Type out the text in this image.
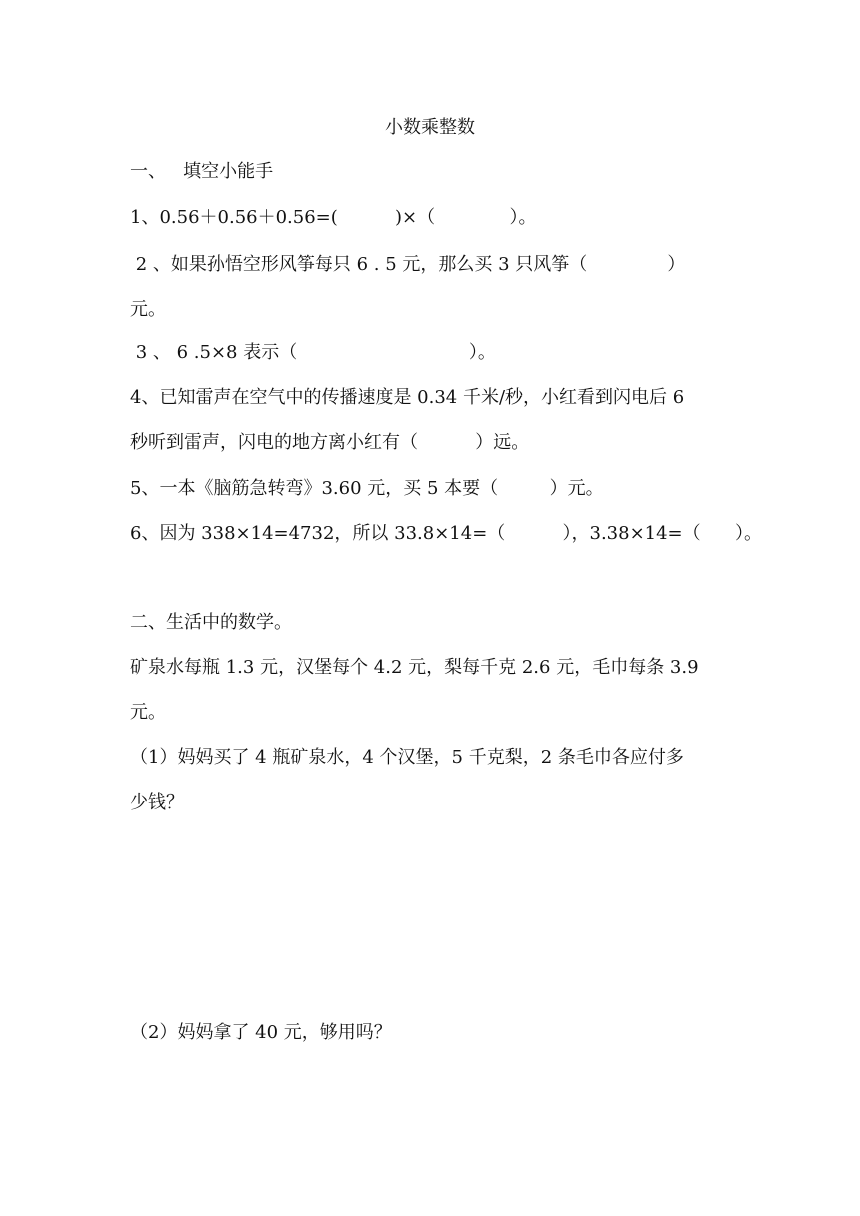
小数乘整数
一、   填空小能手
1、0.56＋0.56＋0.56=(          )×（             ）。
2 、如果孙悟空形风筝每只 6 . 5 元，那么买 3 只风筝（              ）
元。
3 、 6 .5×8 表示（                              ）。
4、已知雷声在空气中的传播速度是 0.34 千米/秒，小红看到闪电后 6
秒听到雷声，闪电的地方离小红有（          ）远。
5、一本《脑筋急转弯》3.60 元，买 5 本要（         ）元。
6、因为 338×14=4732，所以 33.8×14=（          ），3.38×14=（      ）。
二、生活中的数学。
矿泉水每瓶 1.3 元，汉堡每个 4.2 元，梨每千克 2.6 元，毛巾每条 3.9
元。
（1）妈妈买了 4 瓶矿泉水，4 个汉堡，5 千克梨，2 条毛巾各应付多
少钱？
（2）妈妈拿了 40 元，够用吗？
